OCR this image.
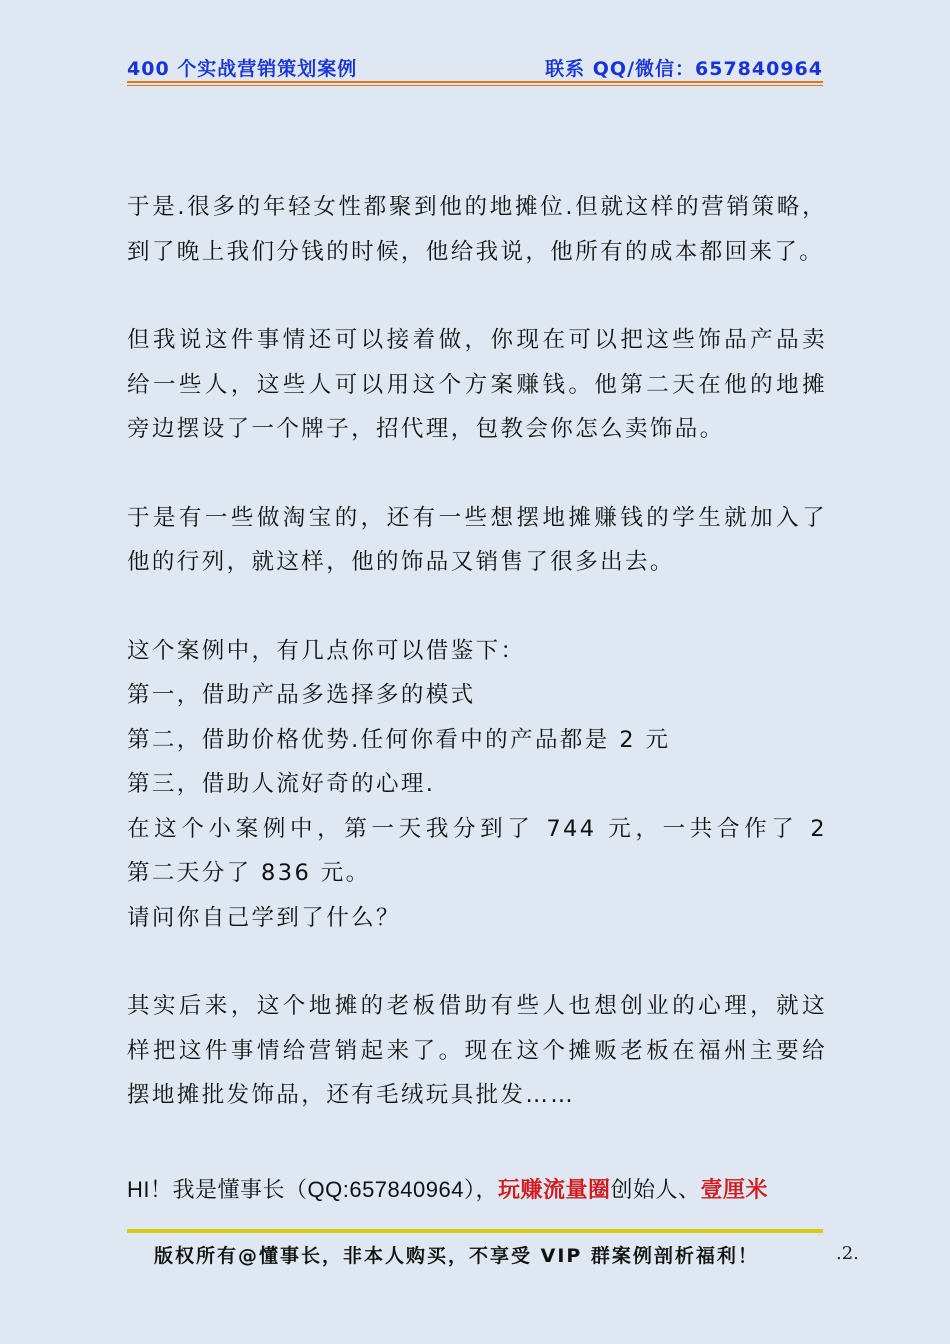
400 个实战营销策划案例	联系 QQ/微信：657840964
于是.很多的年轻女性都聚到他的地摊位.但就这样的营销策略，
到了晚上我们分钱的时候，他给我说，他所有的成本都回来了。
但我说这件事情还可以接着做，你现在可以把这些饰品产品卖
给一些人，这些人可以用这个方案赚钱。他第二天在他的地摊
旁边摆设了一个牌子，招代理，包教会你怎么卖饰品。
于是有一些做淘宝的，还有一些想摆地摊赚钱的学生就加入了
他的行列，就这样，他的饰品又销售了很多出去。
这个案例中，有几点你可以借鉴下：
第一，借助产品多选择多的模式
第二，借助价格优势.任何你看中的产品都是 2 元
第三，借助人流好奇的心理.
在这个小案例中，第一天我分到了 744 元，一共合作了 2
第二天分了 836 元。
请问你自己学到了什么？
其实后来，这个地摊的老板借助有些人也想创业的心理，就这
样把这件事情给营销起来了。现在这个摊贩老板在福州主要给
摆地摊批发饰品，还有毛绒玩具批发……
HI！我是懂事长（QQ:657840964），玩赚流量圈创始人、壹厘米
版权所有@懂事长，非本人购买，不享受 VIP 群案例剖析福利！	.2.
